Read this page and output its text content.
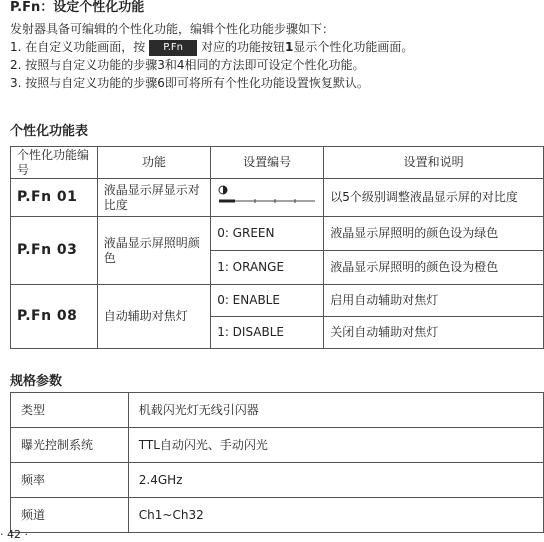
P.Fn：设定个性化功能
发射器具备可编辑的个性化功能，编辑个性化功能步骤如下：
1. 在自定义功能画面，按 P.Fn 对应的功能按钮1显示个性化功能画面。
2. 按照与自定义功能的步骤3和4相同的方法即可设定个性化功能。
3. 按照与自定义功能的步骤6即可将所有个性化功能设置恢复默认。
个性化功能表
个性化功能编号	功能	设置编号	设置和说明
P.Fn 01	液晶显示屏显示对比度		以5个级别调整液晶显示屏的对比度
P.Fn 03	液晶显示屏照明颜色	0: GREEN	液晶显示屏照明的颜色设为绿色
		1: ORANGE	液晶显示屏照明的颜色设为橙色
P.Fn 08	自动辅助对焦灯	0: ENABLE	启用自动辅助对焦灯
		1: DISABLE	关闭自动辅助对焦灯
规格参数
类型	机载闪光灯无线引闪器
曝光控制系统	TTL自动闪光、手动闪光
频率	2.4GHz
频道	Ch1~Ch32
· 42 ·
